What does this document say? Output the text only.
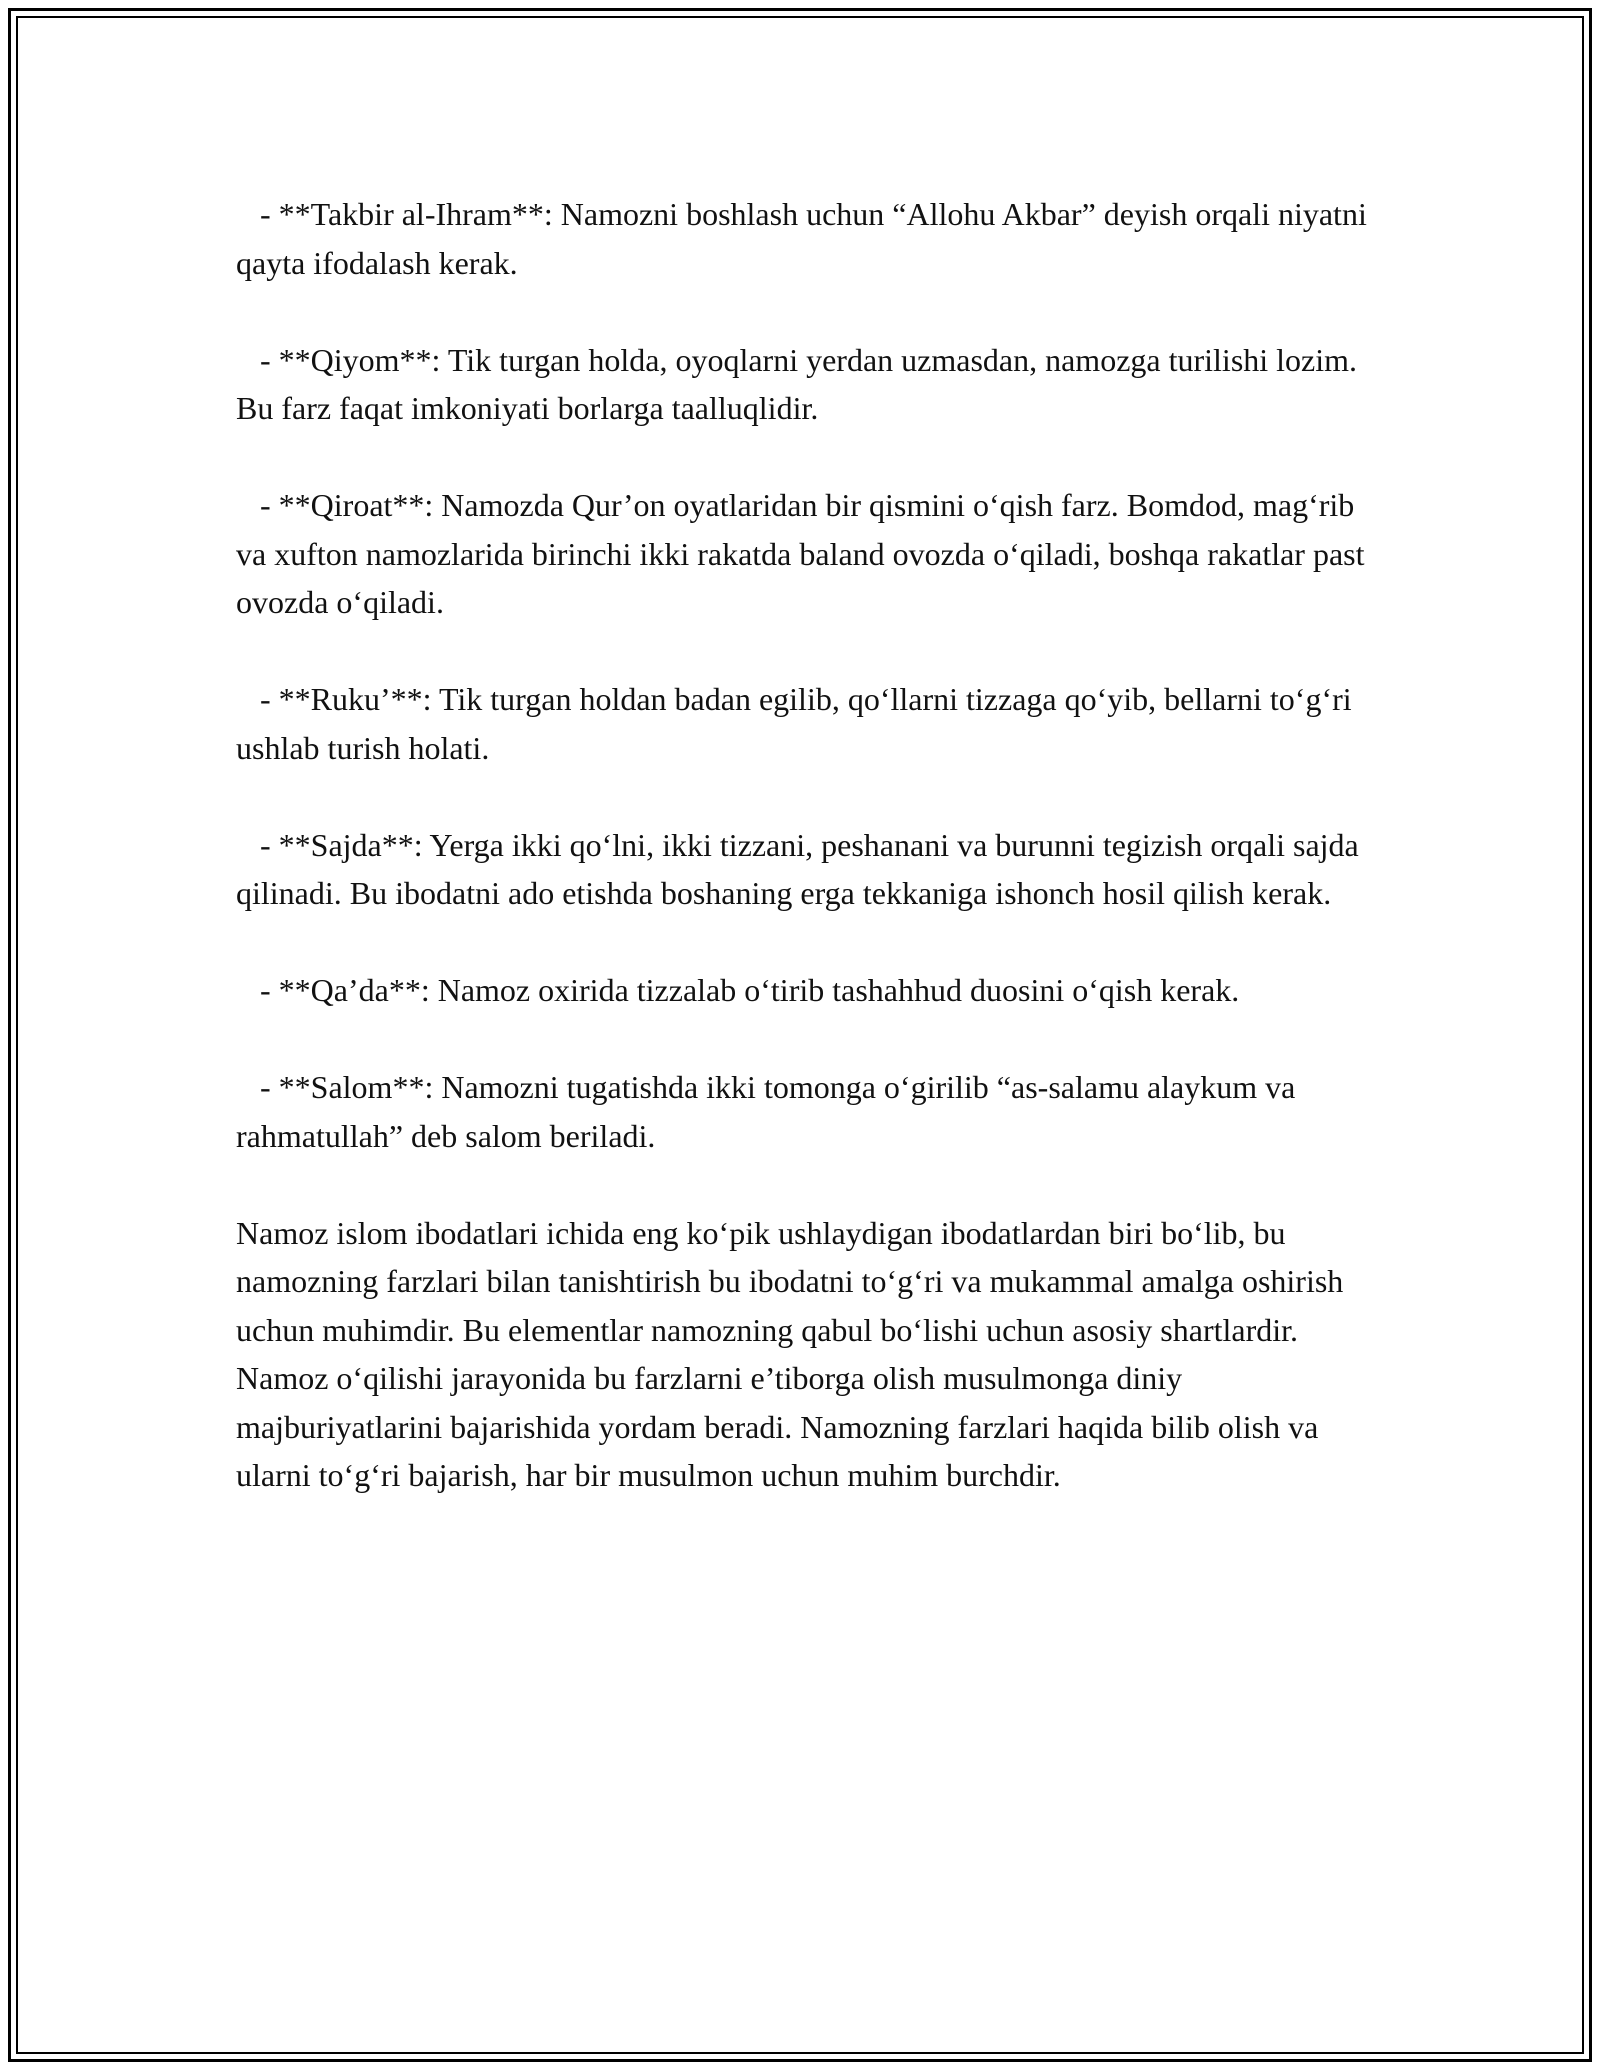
- **Takbir al-Ihram**: Namozni boshlash uchun “Allohu Akbar” deyish orqali niyatni qayta ifodalash kerak.

- **Qiyom**: Tik turgan holda, oyoqlarni yerdan uzmasdan, namozga turilishi lozim. Bu farz faqat imkoniyati borlarga taalluqlidir.

- **Qiroat**: Namozda Qur’on oyatlaridan bir qismini o‘qish farz. Bomdod, mag‘rib va xufton namozlarida birinchi ikki rakatda baland ovozda o‘qiladi, boshqa rakatlar past ovozda o‘qiladi.

- **Ruku’**: Tik turgan holdan badan egilib, qo‘llarni tizzaga qo‘yib, bellarni to‘g‘ri ushlab turish holati.

- **Sajda**: Yerga ikki qo‘lni, ikki tizzani, peshanani va burunni tegizish orqali sajda qilinadi. Bu ibodatni ado etishda boshaning erga tekkaniga ishonch hosil qilish kerak.

- **Qa’da**: Namoz oxirida tizzalab o‘tirib tashahhud duosini o‘qish kerak.

- **Salom**: Namozni tugatishda ikki tomonga o‘girilib “as-salamu alaykum va rahmatullah” deb salom beriladi.

Namoz islom ibodatlari ichida eng ko‘pik ushlaydigan ibodatlardan biri bo‘lib, bu namozning farzlari bilan tanishtirish bu ibodatni to‘g‘ri va mukammal amalga oshirish uchun muhimdir. Bu elementlar namozning qabul bo‘lishi uchun asosiy shartlardir. Namoz o‘qilishi jarayonida bu farzlarni e’tiborga olish musulmonga diniy majburiyatlarini bajarishida yordam beradi. Namozning farzlari haqida bilib olish va ularni to‘g‘ri bajarish, har bir musulmon uchun muhim burchdir.
